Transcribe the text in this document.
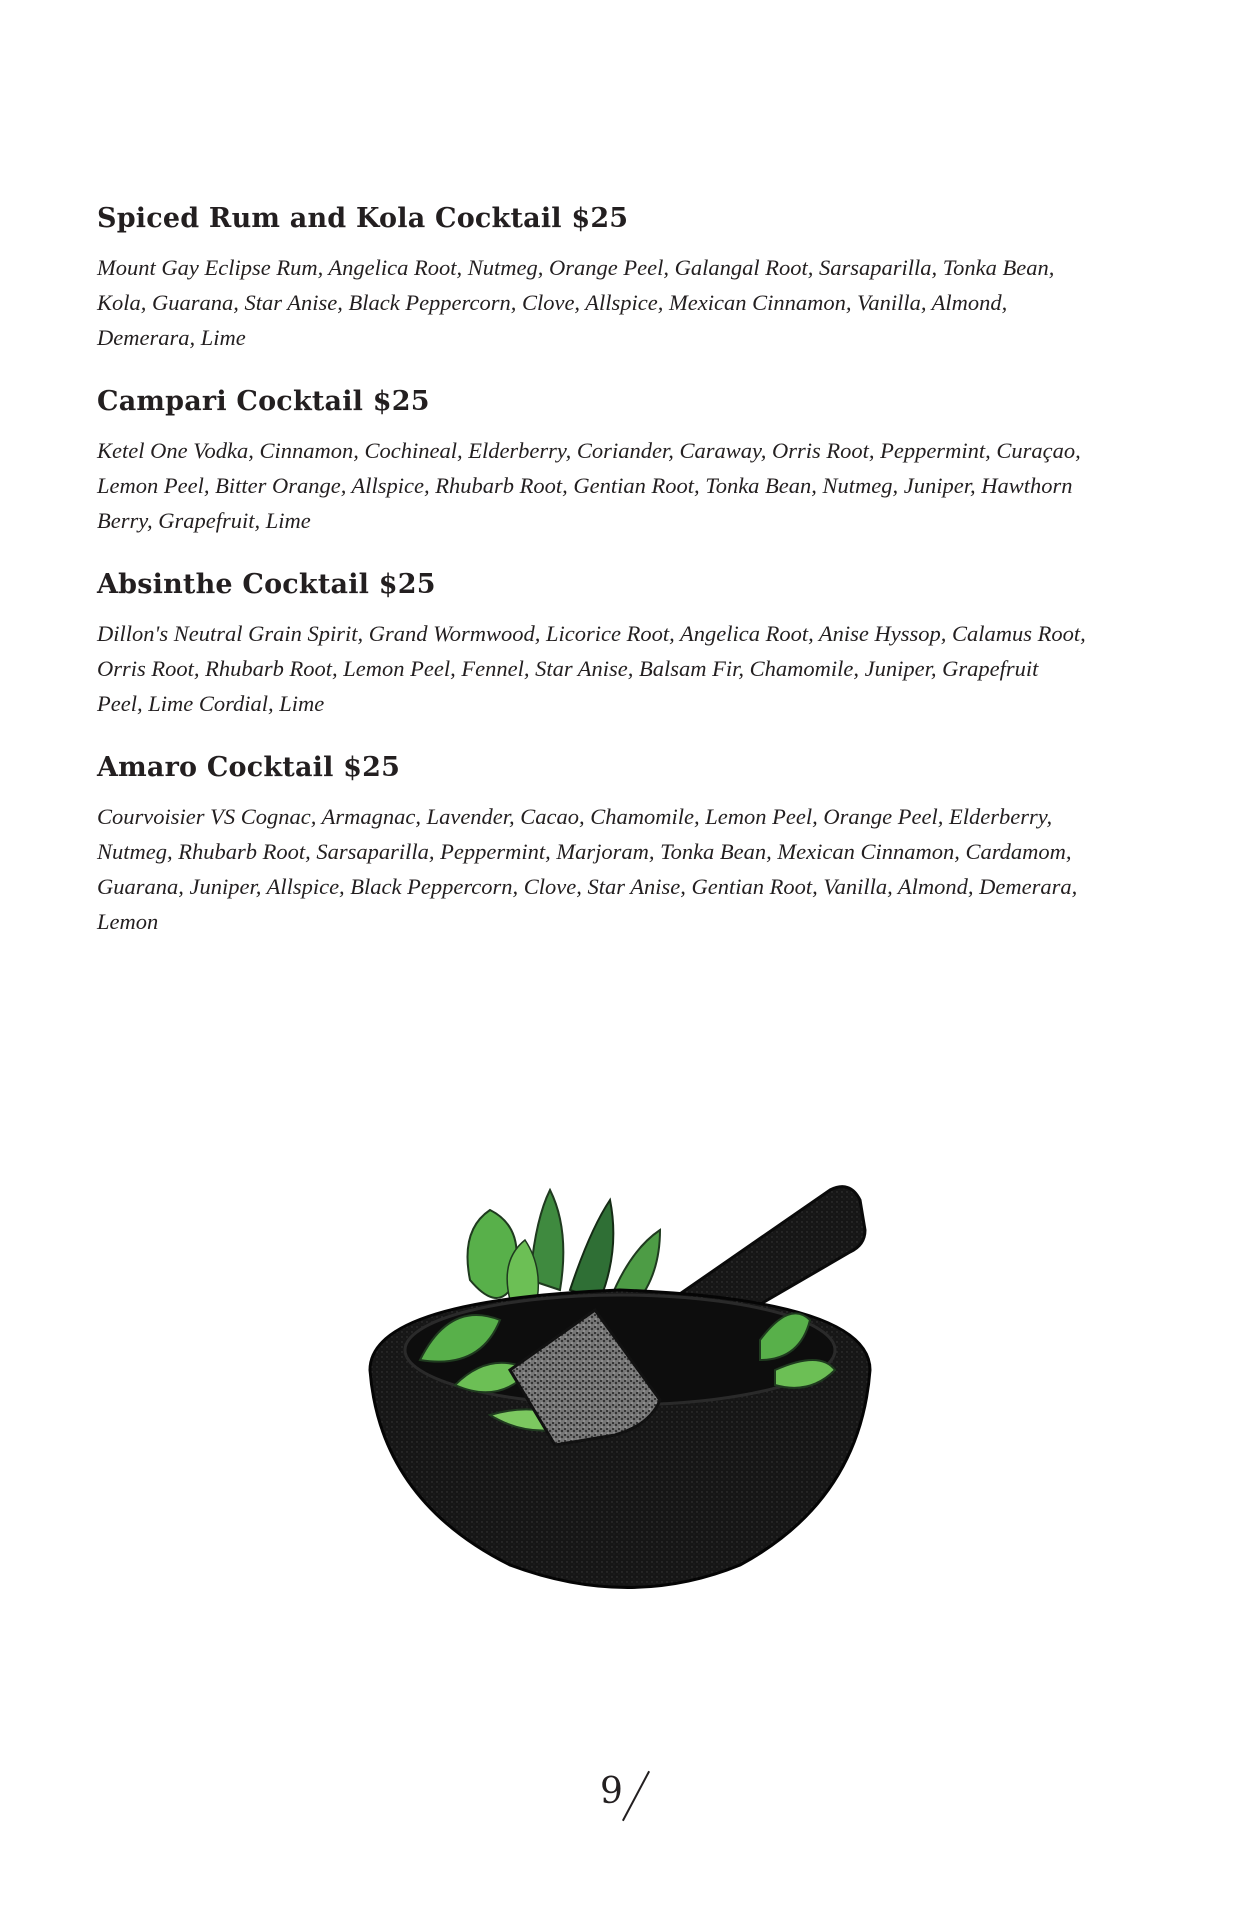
Spiced Rum and Kola Cocktail $25

Mount Gay Eclipse Rum, Angelica Root, Nutmeg, Orange Peel, Galangal Root, Sarsaparilla, Tonka Bean, Kola, Guarana, Star Anise, Black Peppercorn, Clove, Allspice, Mexican Cinnamon, Vanilla, Almond, Demerara, Lime

Campari Cocktail $25

Ketel One Vodka, Cinnamon, Cochineal, Elderberry, Coriander, Caraway, Orris Root, Peppermint, Curaçao, Lemon Peel, Bitter Orange, Allspice, Rhubarb Root, Gentian Root, Tonka Bean, Nutmeg, Juniper, Hawthorn Berry, Grapefruit, Lime

Absinthe Cocktail $25

Dillon's Neutral Grain Spirit, Grand Wormwood, Licorice Root, Angelica Root, Anise Hyssop, Calamus Root, Orris Root, Rhubarb Root, Lemon Peel, Fennel, Star Anise, Balsam Fir, Chamomile, Juniper, Grapefruit Peel, Lime Cordial, Lime

Amaro Cocktail $25

Courvoisier VS Cognac, Armagnac, Lavender, Cacao, Chamomile, Lemon Peel, Orange Peel, Elderberry, Nutmeg, Rhubarb Root, Sarsaparilla, Peppermint, Marjoram, Tonka Bean, Mexican Cinnamon, Cardamom, Guarana, Juniper, Allspice, Black Peppercorn, Clove, Star Anise, Gentian Root, Vanilla, Almond, Demerara, Lemon

9
